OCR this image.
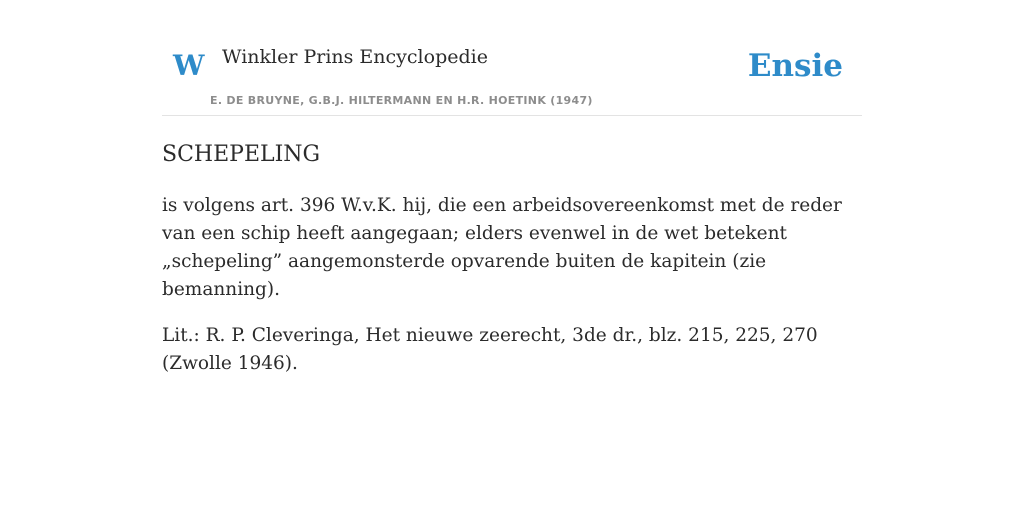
W Winkler Prins Encyclopedie
E. DE BRUYNE, G.B.J. HILTERMANN EN H.R. HOETINK (1947)
Ensie
SCHEPELING

is volgens art. 396 W.v.K. hij, die een arbeidsovereenkomst met de reder van een schip heeft aangegaan; elders evenwel in de wet betekent „schepeling” aangemonsterde opvarende buiten de kapitein (zie bemanning).

Lit.: R. P. Cleveringa, Het nieuwe zeerecht, 3de dr., blz. 215, 225, 270 (Zwolle 1946).
